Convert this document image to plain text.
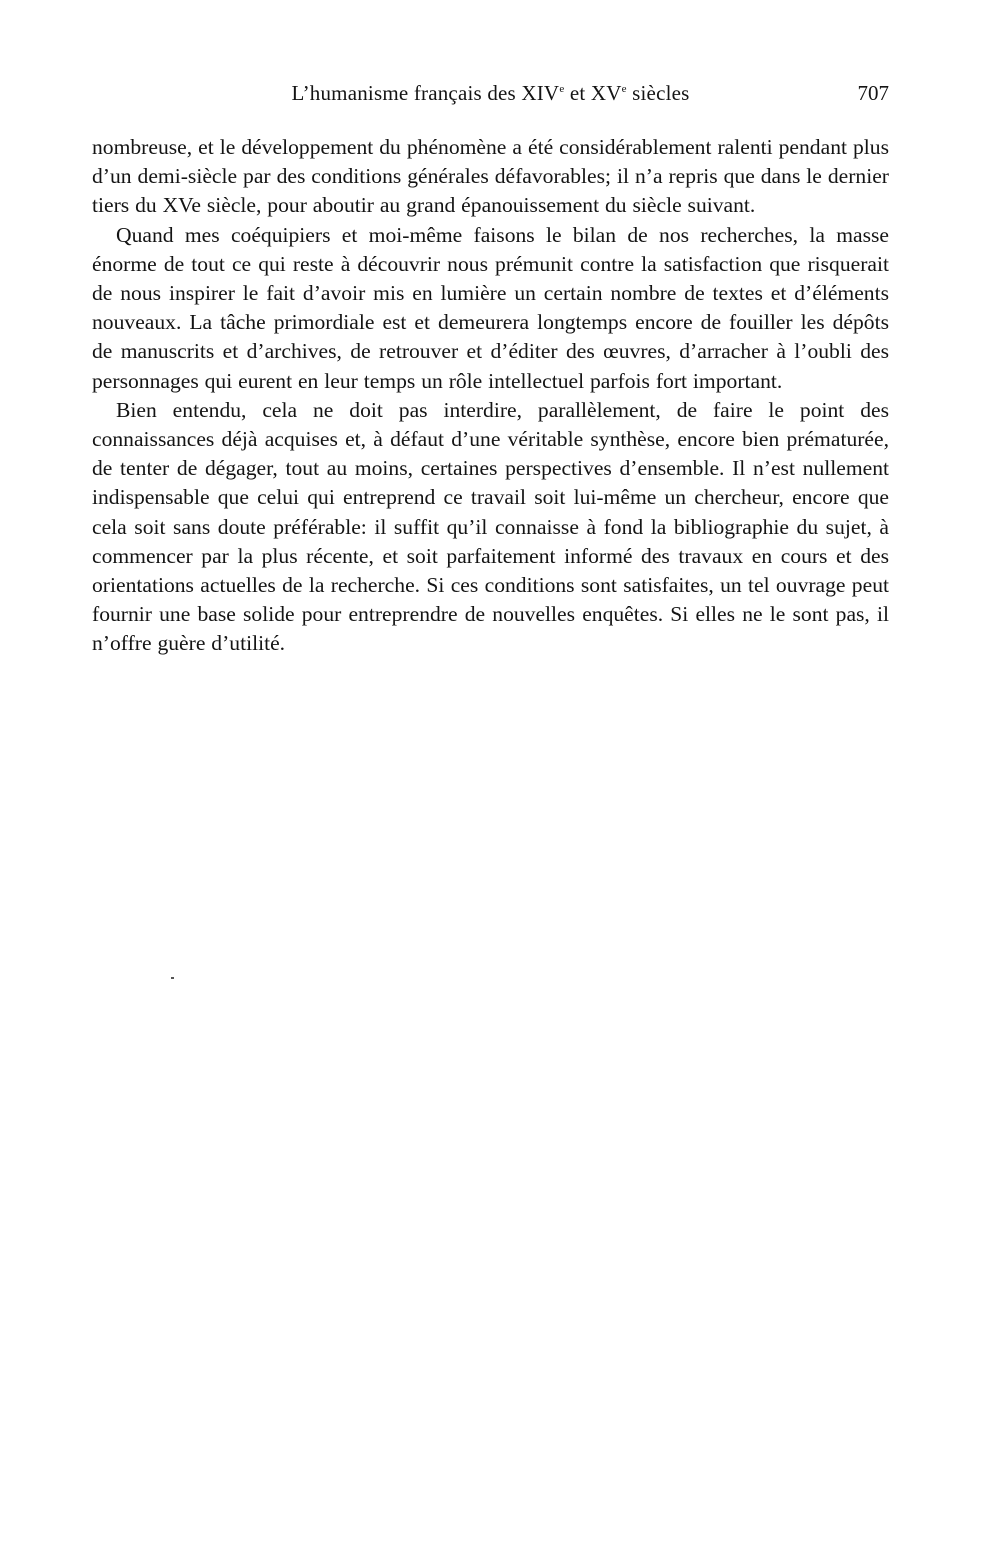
L’humanisme français des XIVe et XVe siècles	707

nombreuse, et le développement du phénomène a été considérablement ralenti pendant plus d’un demi-siècle par des conditions générales défavorables; il n’a repris que dans le dernier tiers du XVe siècle, pour aboutir au grand épanouissement du siècle suivant.

Quand mes coéquipiers et moi-même faisons le bilan de nos recherches, la masse énorme de tout ce qui reste à découvrir nous prémunit contre la satisfaction que risquerait de nous inspirer le fait d’avoir mis en lumière un certain nombre de textes et d’éléments nouveaux. La tâche primordiale est et demeurera longtemps encore de fouiller les dépôts de manuscrits et d’archives, de retrouver et d’éditer des œuvres, d’arracher à l’oubli des personnages qui eurent en leur temps un rôle intellectuel parfois fort important.

Bien entendu, cela ne doit pas interdire, parallèlement, de faire le point des connaissances déjà acquises et, à défaut d’une véritable synthèse, encore bien prématurée, de tenter de dégager, tout au moins, certaines perspectives d’ensemble. Il n’est nullement indispensable que celui qui entreprend ce travail soit lui-même un chercheur, encore que cela soit sans doute préférable: il suffit qu’il connaisse à fond la bibliographie du sujet, à commencer par la plus récente, et soit parfaitement informé des travaux en cours et des orientations actuelles de la recherche. Si ces conditions sont satisfaites, un tel ouvrage peut fournir une base solide pour entreprendre de nouvelles enquêtes. Si elles ne le sont pas, il n’offre guère d’utilité.
